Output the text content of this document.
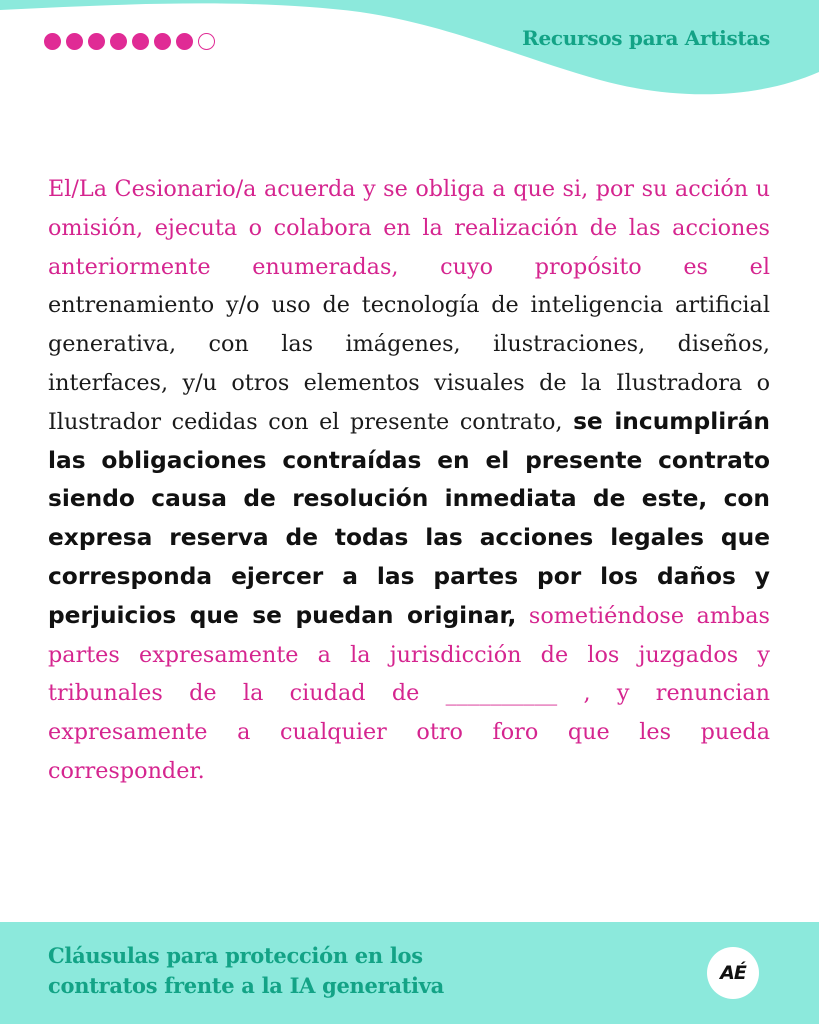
Recursos para Artistas
El/La Cesionario/a acuerda y se obliga a que si, por su acción u omisión, ejecuta o colabora en la realización de las acciones anteriormente enumeradas, cuyo propósito es el entrenamiento y/o uso de tecnología de inteligencia artificial generativa, con las imágenes, ilustraciones, diseños, interfaces, y/u otros elementos visuales de la Ilustradora o Ilustrador cedidas con el presente contrato, se incumplirán las obligaciones contraídas en el presente contrato siendo causa de resolución inmediata de este, con expresa reserva de todas las acciones legales que corresponda ejercer a las partes por los daños y perjuicios que se puedan originar, sometiéndose ambas partes expresamente a la jurisdicción de los juzgados y tribunales de la ciudad de __________ , y renuncian expresamente a cualquier otro foro que les pueda corresponder.
Cláusulas para protección en los
contratos frente a la IA generativa	AÉ
